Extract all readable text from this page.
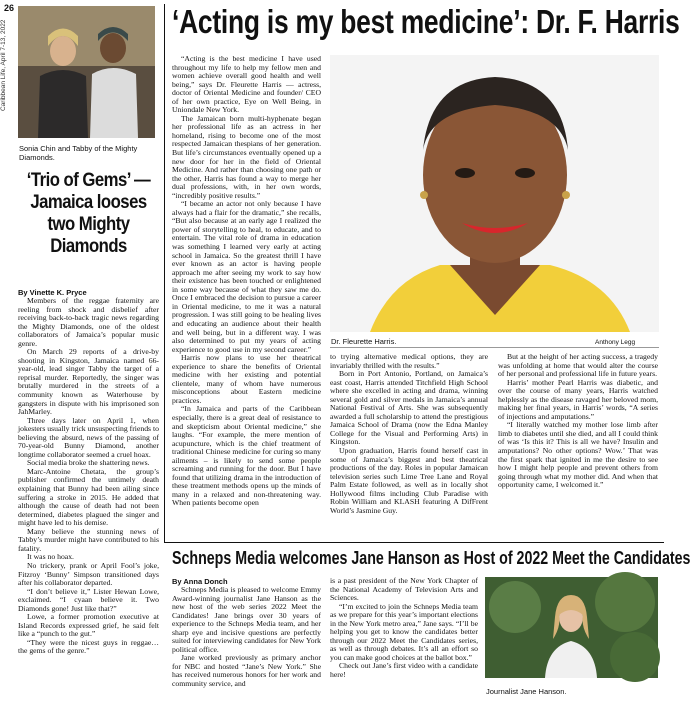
26
Caribbean Life, April 7-13, 2022
Sonia Chin and Tabby of the Mighty Diamonds.
‘Trio of Gems’ — Jamaica looses two Mighty Diamonds
By Vinette K. Pryce

Members of the reggae fraternity are reeling from shock and disbelief after receiving back-to-back tragic news regarding the Mighty Diamonds, one of the oldest collaborators of Jamaica’s popular music genre.

On March 29 reports of a drive-by shooting in Kingston, Jamaica named 66-year-old, lead singer Tabby the target of a reprisal murder. Reportedly, the singer was brutally murdered in the streets of a community known as Waterhouse by gangsters in dispute with his imprisoned son JahMarley.

Three days later on April 1, when jokesters usually trick unsuspecting friends to believing the absurd, news of the passing of 70-year-old Bunny Diamond, another longtime collaborator seemed a cruel hoax.

Social media broke the shattering news.

Marc-Antoine Chetata, the group’s publisher confirmed the untimely death explaining that Bunny had been ailing since suffering a stroke in 2015. He added that although the cause of death had not been determined, diabetes plagued the singer and might have led to his demise.

Many believe the stunning news of Tabby’s murder might have contributed to his fatality.

It was no hoax.

No trickery, prank or April Fool’s joke, Fitzroy ‘Bunny’ Simpson transitioned days after his collaborator departed.

“I don’t believe it,” Lister Hewan Lowe, exclaimed. “I cyaan believe it. Two Diamonds gone! Just like that?”

Lowe, a former promotion executive at Island Records expressed grief, he said felt like a “punch to the gut.”

“They were the nicest guys in reggae… the gems of the genre.”

‘Acting is my best medicine’: Dr. F. Harris

“Acting is the best medicine I have used throughout my life to help my fellow men and women achieve overall good health and well being,” says Dr. Fleurette Harris — actress, doctor of Oriental Medicine and founder/ CEO of her own practice, Eye on Well Being, in Uniondale New York.

The Jamaican born multi-hyphenate began her professional life as an actress in her homeland, rising to become one of the most respected Jamaican thespians of her generation. But life’s circumstances eventually opened up a new door for her in the field of Oriental Medicine. And rather than choosing one path or the other, Harris has found a way to merge her dual professions, with, in her own words, “incredibly positive results.”

“I became an actor not only because I have always had a flair for the dramatic,” she recalls, “But also because at an early age I realized the power of storytelling to heal, to educate, and to entertain. The vital role of drama in education was something I learned very early at acting school in Jamaica. So the greatest thrill I have ever known as an actor is having people approach me after seeing my work to say how their existence has been touched or enlightened in some way because of what they saw me do. Once I embraced the decision to pursue a career in Oriental medicine, to me it was a natural progression. I was still going to be healing lives and educating an audience about their health and well being, but in a different way. I was also determined to put my years of acting experience to good use in my second career.”

Harris now plans to use her theatrical experience to share the benefits of Oriental medicine with her existing and potential clientele, many of whom have numerous misconceptions about Eastern medicine practices.

“In Jamaica and parts of the Caribbean especially, there is a great deal of resistance to and skepticism about Oriental medicine,” she laughs. “For example, the mere mention of acupuncture, which is the chief treatment of traditional Chinese medicine for curing so many ailments – is likely to send some people screaming and running for the door. But I have found that utilizing drama in the introduction of these treatment methods opens up the minds of many in a relaxed and non-threatening way. When patients become open

Dr. Fleurette Harris.	Anthony Legg

to trying alternative medical options, they are invariably thrilled with the results.”

Born in Port Antonio, Portland, on Jamaica’s east coast, Harris attended Titchfield High School where she excelled in acting and drama, winning several gold and silver medals in Jamaica’s annual National Festival of Arts. She was subsequently awarded a full scholarship to attend the prestigious Jamaica School of Drama (now the Edna Manley College for the Visual and Performing Arts) in Kingston.

Upon graduation, Harris found herself cast in some of Jamaica’s biggest and best theatrical productions of the day. Roles in popular Jamaican television series such Lime Tree Lane and Royal Palm Estate followed, as well as in locally shot Hollywood films including Club Paradise with Robin William and KLASH featuring A DifFrent World’s Jasmine Guy.

But at the height of her acting success, a tragedy was unfolding at home that would alter the course of her personal and professional life in future years.

Harris’ mother Pearl Harris was diabetic, and over the course of many years, Harris watched helplessly as the disease ravaged her beloved mom, making her final years, in Harris’ words, “A series of injections and amputations.”

“I literally watched my mother lose limb after limb to diabetes until she died, and all I could think of was ‘Is this it? This is all we have? Insulin and amputations? No other options? Wow.’ That was the first spark that ignited in me the desire to see how I might help people and prevent others from going through what my mother did. And when that opportunity came, I welcomed it.”

Schneps Media welcomes Jane Hanson as Host of 2022 Meet the Candidates
By Anna Donch

Schneps Media is pleased to welcome Emmy Award-winning journalist Jane Hanson as the new host of the web series 2022 Meet the Candidates! Jane brings over 30 years of experience to the Schneps Media team, and her sharp eye and incisive questions are perfectly suited for interviewing candidates for New York political office.

Jane worked previously as primary anchor for NBC and hosted “Jane’s New York.” She has received numerous honors for her work and community service, and

is a past president of the New York Chapter of the National Academy of Television Arts and Sciences.

“I’m excited to join the Schneps Media team as we prepare for this year’s important elections in the New York metro area,” Jane says. “I’ll be helping you get to know the candidates better through our 2022 Meet the Candidates series, as well as through debates. It’s all an effort so you can make good choices at the ballot box.”

Check out Jane’s first video with a candidate here!

Journalist Jane Hanson.
